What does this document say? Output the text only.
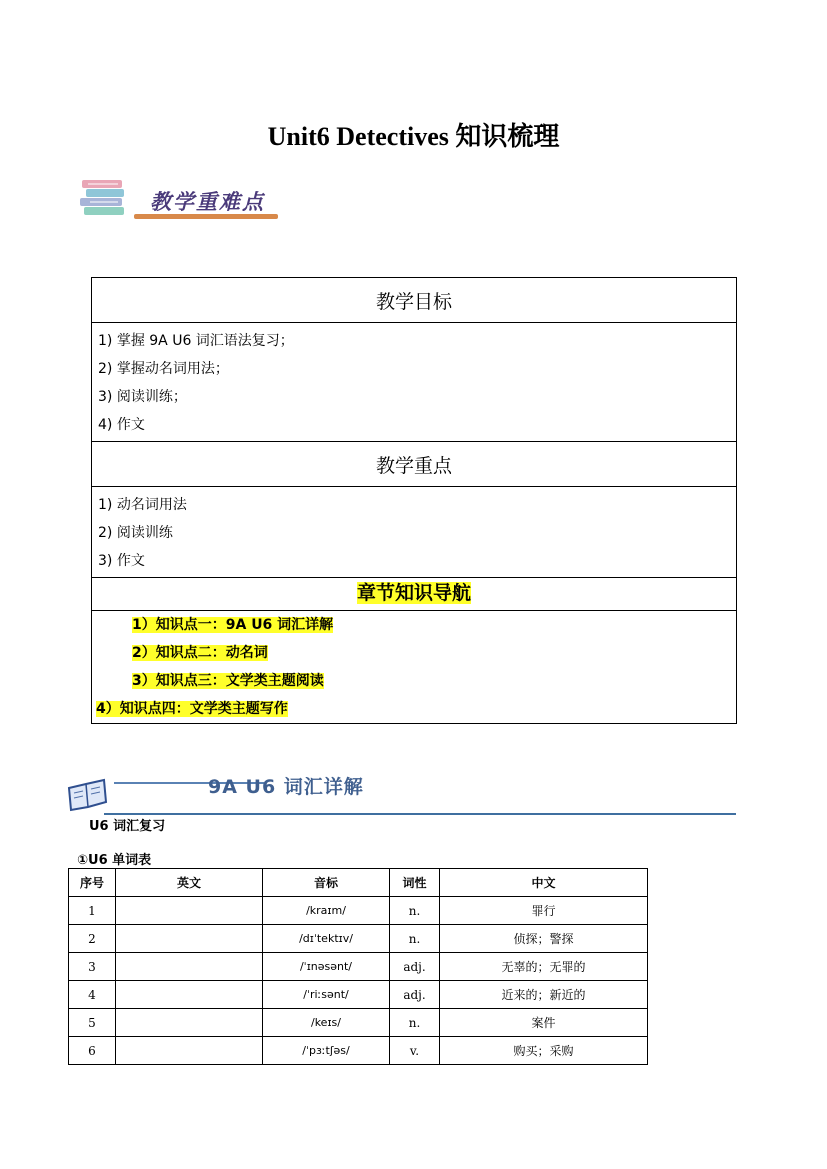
Unit6 Detectives 知识梳理
教学重难点
教学目标

1) 掌握 9A U6 词汇语法复习；
2) 掌握动名词用法；
3) 阅读训练；
4) 作文

教学重点

1) 动名词用法
2) 阅读训练
3) 作文

章节知识导航

1）知识点一：9A U6 词汇详解
2）知识点二：动名词
3）知识点三：文学类主题阅读
4）知识点四：文学类主题写作
9A U6 词汇详解
U6 词汇复习
①U6 单词表
序号	英文	音标	词性	中文
1		/kraɪm/	n.	罪行
2		/dɪˈtektɪv/	n.	侦探；警探
3		/ˈɪnəsənt/	adj.	无辜的；无罪的
4		/ˈriːsənt/	adj.	近来的；新近的
5		/keɪs/	n.	案件
6		/ˈpɜːtʃəs/	v.	购买；采购
